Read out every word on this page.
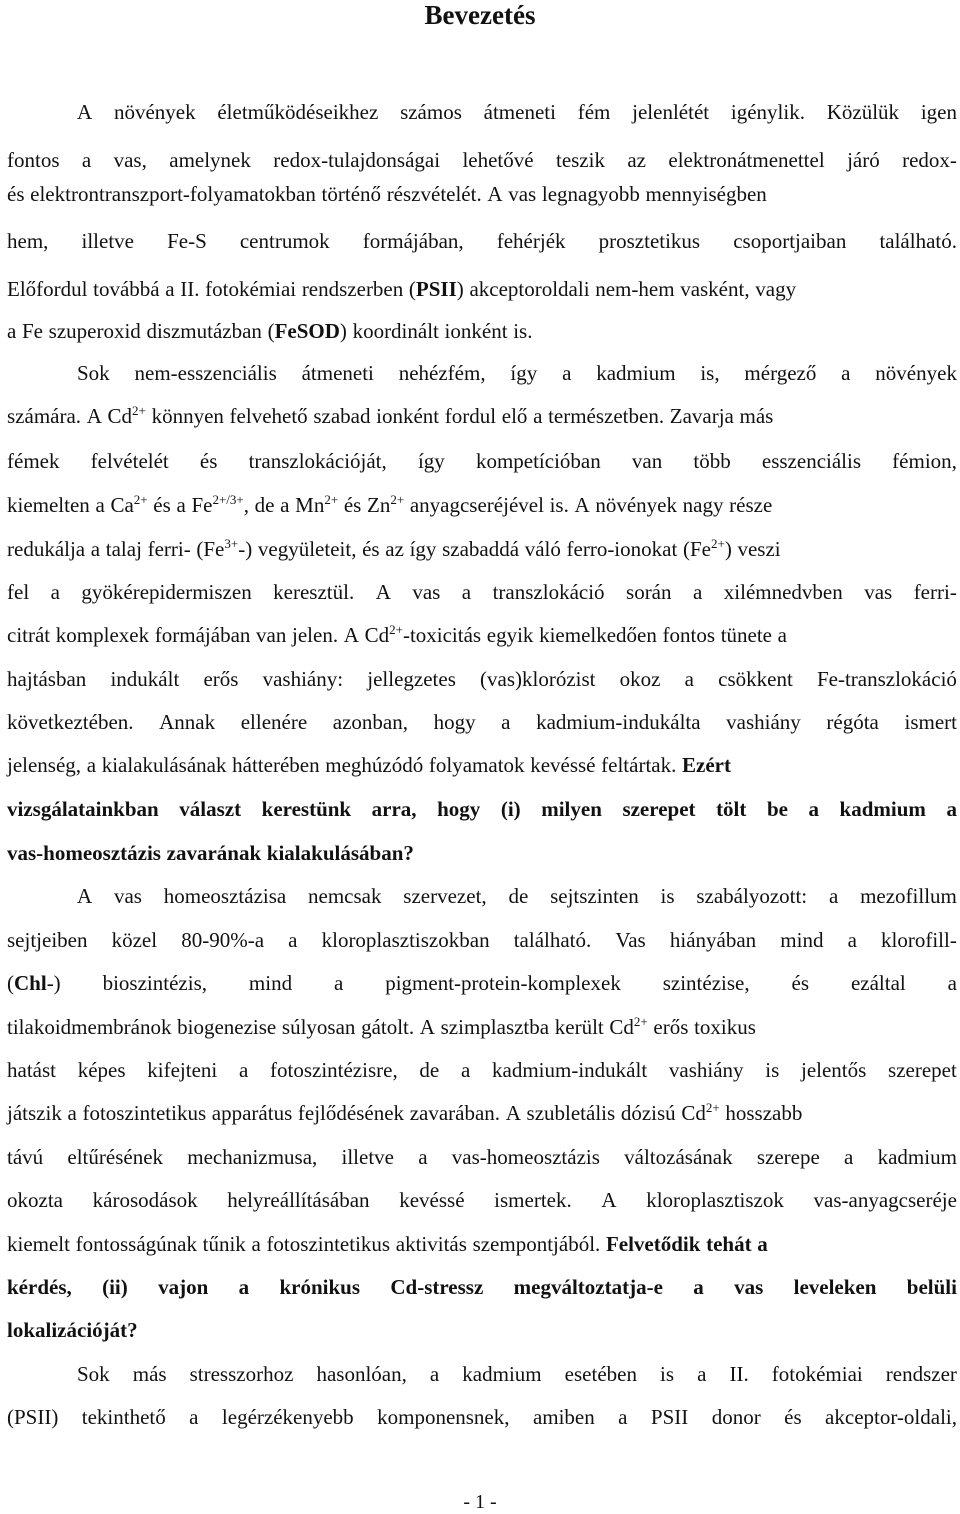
Bevezetés
A növények életműködéseikhez számos átmeneti fém jelenlétét igénylik. Közülük igen
fontos a vas, amelynek redox-tulajdonságai lehetővé teszik az elektronátmenettel járó redox-
és elektrontranszport-folyamatokban történő részvételét. A vas legnagyobb mennyiségben
hem, illetve Fe-S centrumok formájában, fehérjék prosztetikus csoportjaiban található.
Előfordul továbbá a II. fotokémiai rendszerben (PSII) akceptoroldali nem-hem vasként, vagy
a Fe szuperoxid diszmutázban (FeSOD) koordinált ionként is.
Sok nem-esszenciális átmeneti nehézfém, így a kadmium is, mérgező a növények
számára. A $Cd^{2+}$ könnyen felvehető szabad ionként fordul elő a természetben. Zavarja más
fémek felvételét és transzlokációját, így kompetícióban van több esszenciális fémion,
kiemelten a $Ca^{2+}$ és a $Fe^{2+/3+}$, de a $Mn^{2+}$ és $Zn^{2+}$ anyagcseréjével is. A növények nagy része
redukálja a talaj ferri- $(Fe^{3+}-)$ vegyületeit, és az így szabaddá váló ferro-ionokat $(Fe^{2+})$ veszi
fel a gyökérepidermiszen keresztül. A vas a transzlokáció során a xilémnedvben vas ferri-
citrát komplexek formájában van jelen. A $Cd^{2+}$-toxicitás egyik kiemelkedően fontos tünete a
hajtásban indukált erős vashiány: jellegzetes (vas)klorózist okoz a csökkent Fe-transzlokáció
következtében. Annak ellenére azonban, hogy a kadmium-indukálta vashiány régóta ismert
jelenség, a kialakulásának hátterében meghúzódó folyamatok kevéssé feltártak. Ezért
vizsgálatainkban választ kerestünk arra, hogy (i) milyen szerepet tölt be a kadmium a
vas-homeosztázis zavarának kialakulásában?
A vas homeosztázisa nemcsak szervezet, de sejtszinten is szabályozott: a mezofillum
sejtjeiben közel 80-90%-a a kloroplasztiszokban található. Vas hiányában mind a klorofill-
(Chl-) bioszintézis, mind a pigment-protein-komplexek szintézise, és ezáltal a
tilakoidmembránok biogenezise súlyosan gátolt. A szimplasztba került $Cd^{2+}$ erős toxikus
hatást képes kifejteni a fotoszintézisre, de a kadmium-indukált vashiány is jelentős szerepet
játszik a fotoszintetikus apparátus fejlődésének zavarában. A szubletális dózisú $Cd^{2+}$ hosszabb
távú eltűrésének mechanizmusa, illetve a vas-homeosztázis változásának szerepe a kadmium
okozta károsodások helyreállításában kevéssé ismertek. A kloroplasztiszok vas-anyagcseréje
kiemelt fontosságúnak tűnik a fotoszintetikus aktivitás szempontjából. Felvetődik tehát a
kérdés, (ii) vajon a krónikus Cd-stressz megváltoztatja-e a vas leveleken belüli
lokalizációját?
Sok más stresszorhoz hasonlóan, a kadmium esetében is a II. fotokémiai rendszer
(PSII) tekinthető a legérzékenyebb komponensnek, amiben a PSII donor és akceptor-oldali,
- 1 -
